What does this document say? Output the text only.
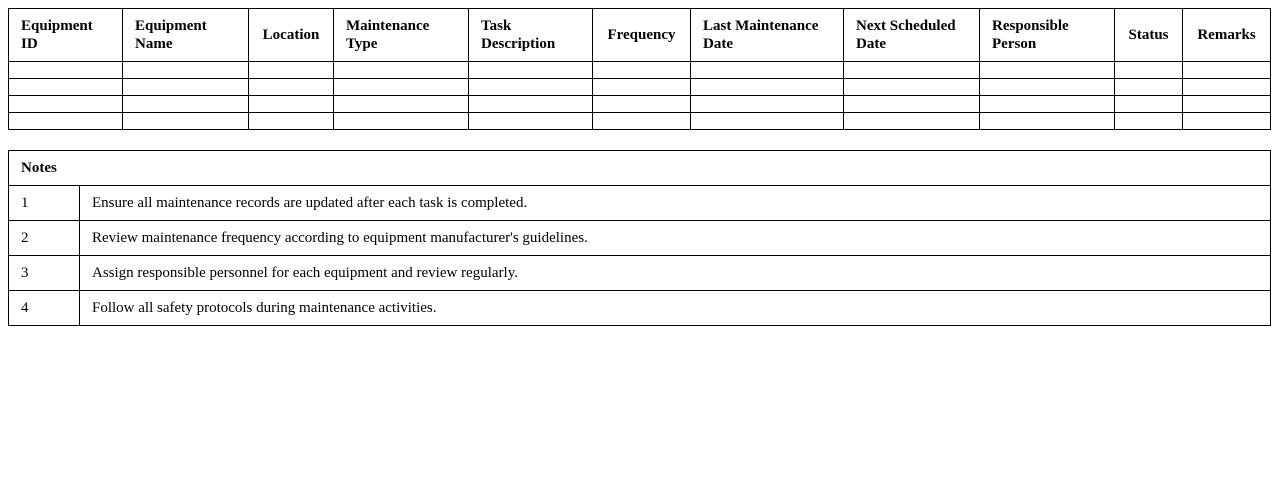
Equipment ID	Equipment Name	Location	Maintenance Type	Task Description	Frequency	Last Maintenance Date	Next Scheduled Date	Responsible Person	Status	Remarks

Notes	
1	Ensure all maintenance records are updated after each task is completed.
2	Review maintenance frequency according to equipment manufacturer's guidelines.
3	Assign responsible personnel for each equipment and review regularly.
4	Follow all safety protocols during maintenance activities.
